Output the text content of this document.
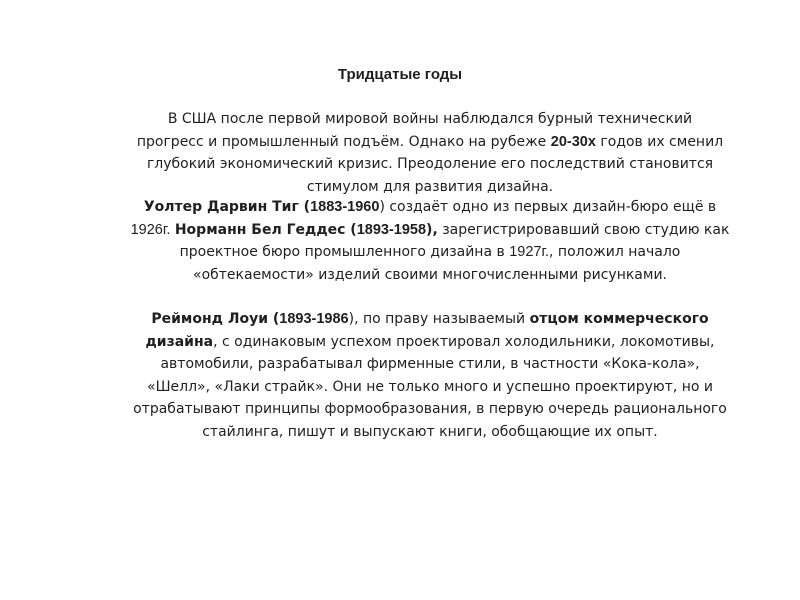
Тридцатые годы
В США после первой мировой войны наблюдался бурный технический
прогресс и промышленный подъём. Однако на рубеже 20-30х годов их сменил
глубокий экономический кризис. Преодоление его последствий становится
стимулом для развития дизайна.
Уолтер Дарвин Тиг (1883-1960) создаёт одно из первых дизайн-бюро ещё в
1926г. Норманн Бел Геддес (1893-1958), зарегистрировавший свою студию как
проектное бюро промышленного дизайна в 1927г., положил начало
«обтекаемости» изделий своими многочисленными рисунками.
Реймонд Лоуи (1893-1986), по праву называемый отцом коммерческого
дизайна, с одинаковым успехом проектировал холодильники, локомотивы,
автомобили, разрабатывал фирменные стили, в частности «Кока-кола»,
«Шелл», «Лаки страйк». Они не только много и успешно проектируют, но и
отрабатывают принципы формообразования, в первую очередь рационального
стайлинга, пишут и выпускают книги, обобщающие их опыт.
